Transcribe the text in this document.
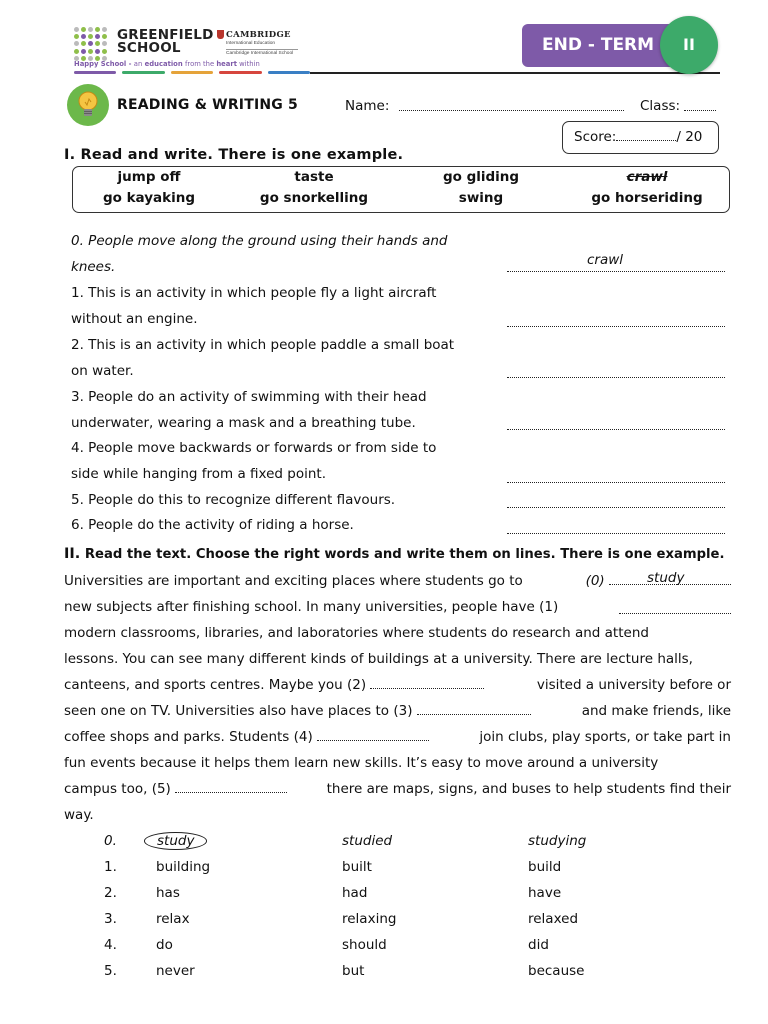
GREENFIELD
SCHOOL
CAMBRIDGE
International Education
Cambridge International School
Happy School - an education from the heart within
END - TERM	II
READING & WRITING 5	Name:	Class:
Score:	/ 20
I. Read and write. There is one example.
jump off	taste	go gliding	crawl
go kayaking	go snorkelling	swing	go horseriding
0. People move along the ground using their hands and
knees.	crawl
1. This is an activity in which people fly a light aircraft
without an engine.
2. This is an activity in which people paddle a small boat
on water.
3. People do an activity of swimming with their head
underwater, wearing a mask and a breathing tube.
4. People move backwards or forwards or from side to
side while hanging from a fixed point.
5. People do this to recognize different flavours.
6. People do the activity of riding a horse.
II. Read the text. Choose the right words and write them on lines. There is one example.
Universities are important and exciting places where students go to	(0)	study
new subjects after finishing school. In many universities, people have (1)
modern classrooms, libraries, and laboratories where students do research and attend
lessons. You can see many different kinds of buildings at a university. There are lecture halls,
canteens, and sports centres. Maybe you (2)	visited a university before or
seen one on TV. Universities also have places to (3)	and make friends, like
coffee shops and parks. Students (4)	join clubs, play sports, or take part in
fun events because it helps them learn new skills. It’s easy to move around a university
campus too, (5)	there are maps, signs, and buses to help students find their
way.
0.	study	studied	studying
1.	building	built	build
2.	has	had	have
3.	relax	relaxing	relaxed
4.	do	should	did
5.	never	but	because
